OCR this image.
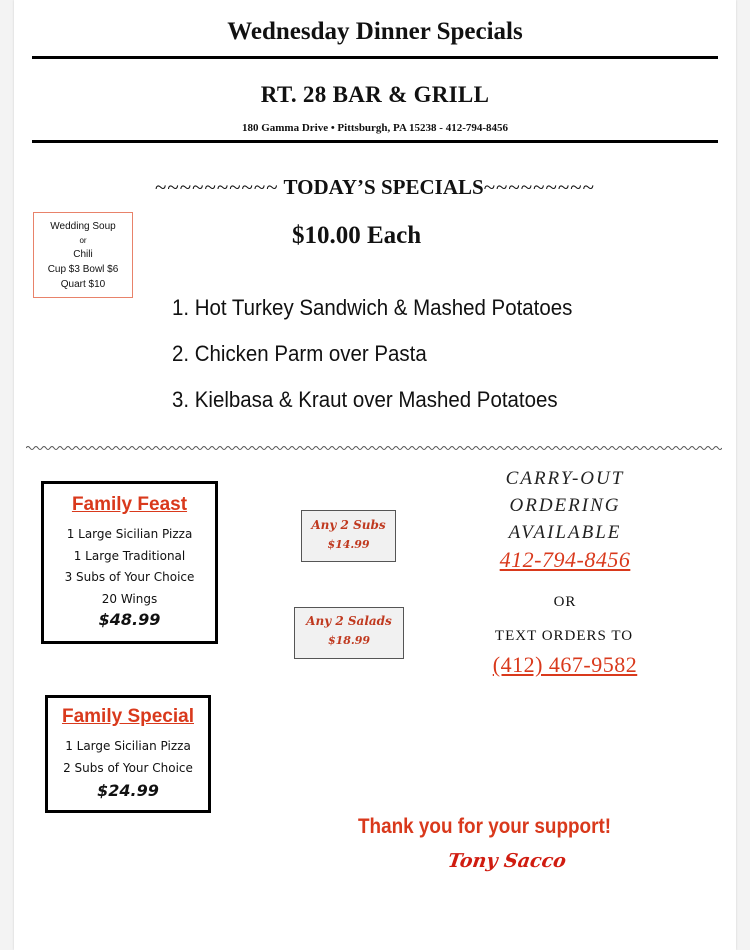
Wednesday Dinner Specials
RT. 28 BAR & GRILL
180 Gamma Drive • Pittsburgh, PA 15238 - 412-794-8456
~~~~~~~~~~ TODAY’S SPECIALS~~~~~~~~~
Wedding Soup
or
Chili
Cup $3 Bowl $6
Quart $10
$10.00 Each
1. Hot Turkey Sandwich & Mashed Potatoes
2. Chicken Parm over Pasta
3. Kielbasa & Kraut over Mashed Potatoes
Family Feast
1 Large Sicilian Pizza
1 Large Traditional
3 Subs of Your Choice
20 Wings
$48.99
Any 2 Subs
$14.99
Any 2 Salads
$18.99
CARRY-OUT
ORDERING
AVAILABLE
412-794-8456
OR
TEXT ORDERS TO
(412) 467-9582
Family Special
1 Large Sicilian Pizza
2 Subs of Your Choice
$24.99
Thank you for your support!
Tony Sacco
